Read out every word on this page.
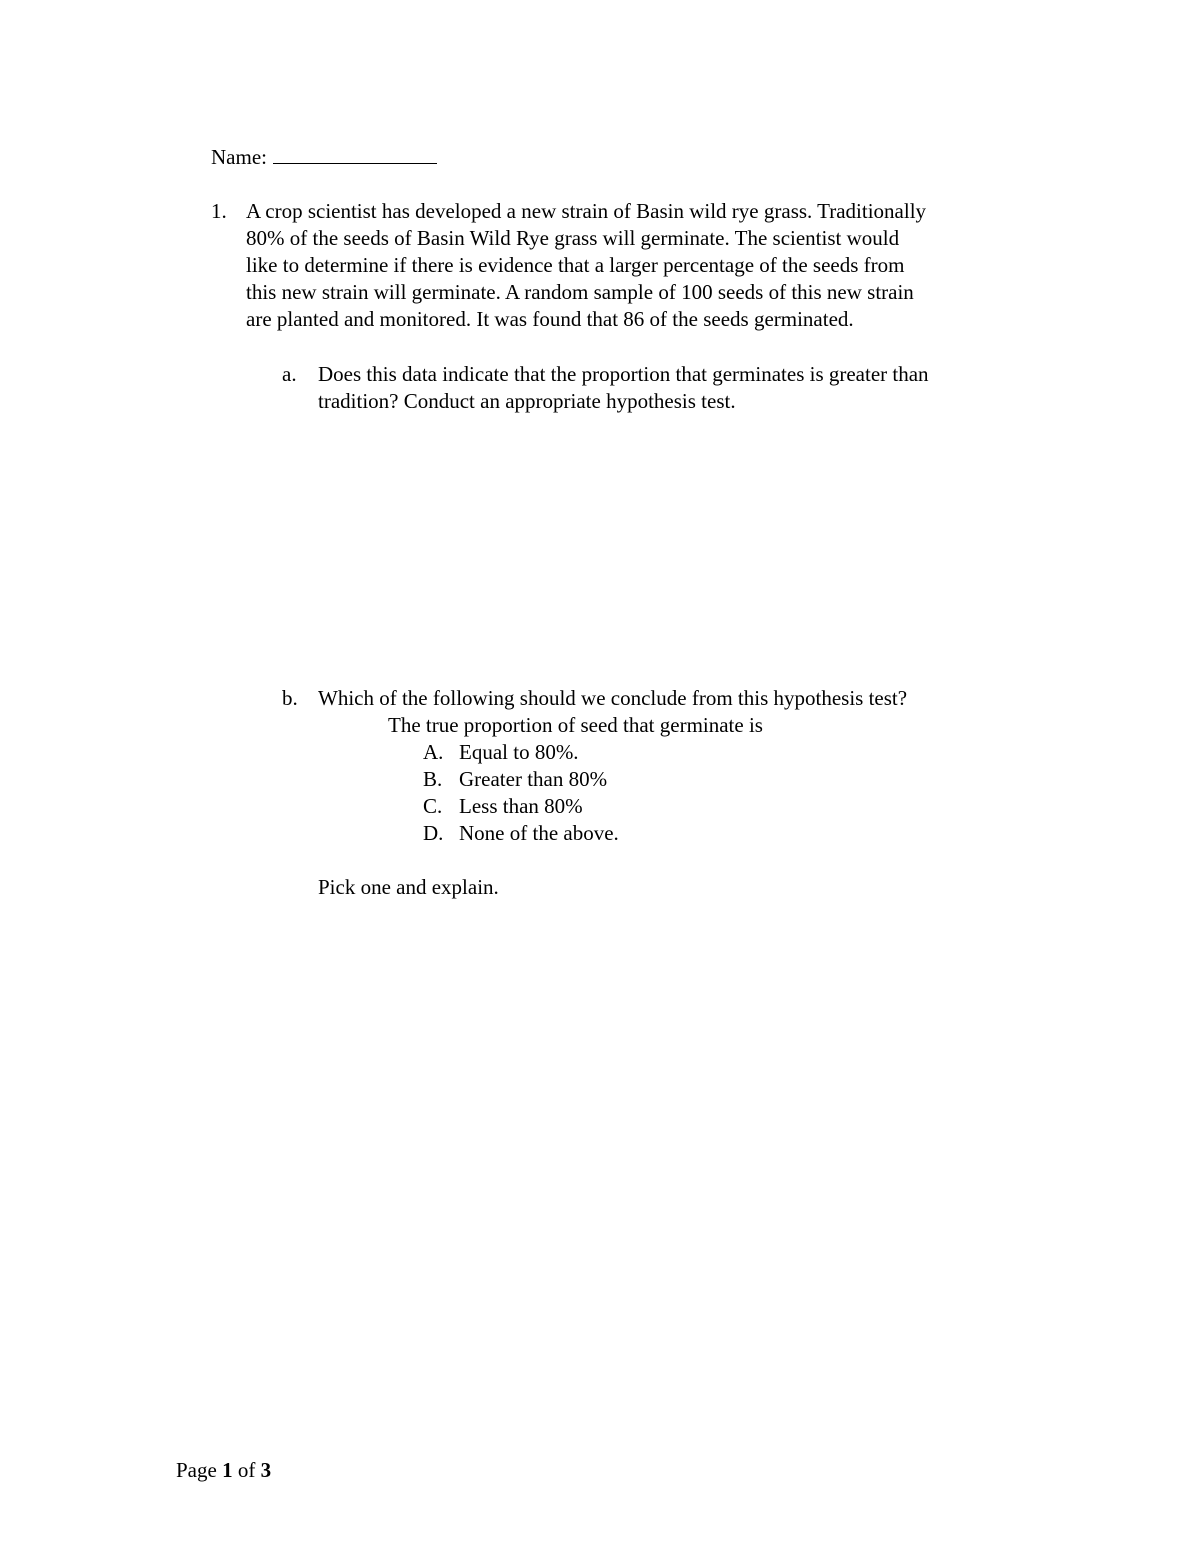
Name:
1. A crop scientist has developed a new strain of Basin wild rye grass. Traditionally
80% of the seeds of Basin Wild Rye grass will germinate. The scientist would
like to determine if there is evidence that a larger percentage of the seeds from
this new strain will germinate. A random sample of 100 seeds of this new strain
are planted and monitored. It was found that 86 of the seeds germinated.
a. Does this data indicate that the proportion that germinates is greater than
tradition? Conduct an appropriate hypothesis test.
b. Which of the following should we conclude from this hypothesis test?
The true proportion of seed that germinate is
A. Equal to 80%.
B. Greater than 80%
C. Less than 80%
D. None of the above.
Pick one and explain.
Page 1 of 3
